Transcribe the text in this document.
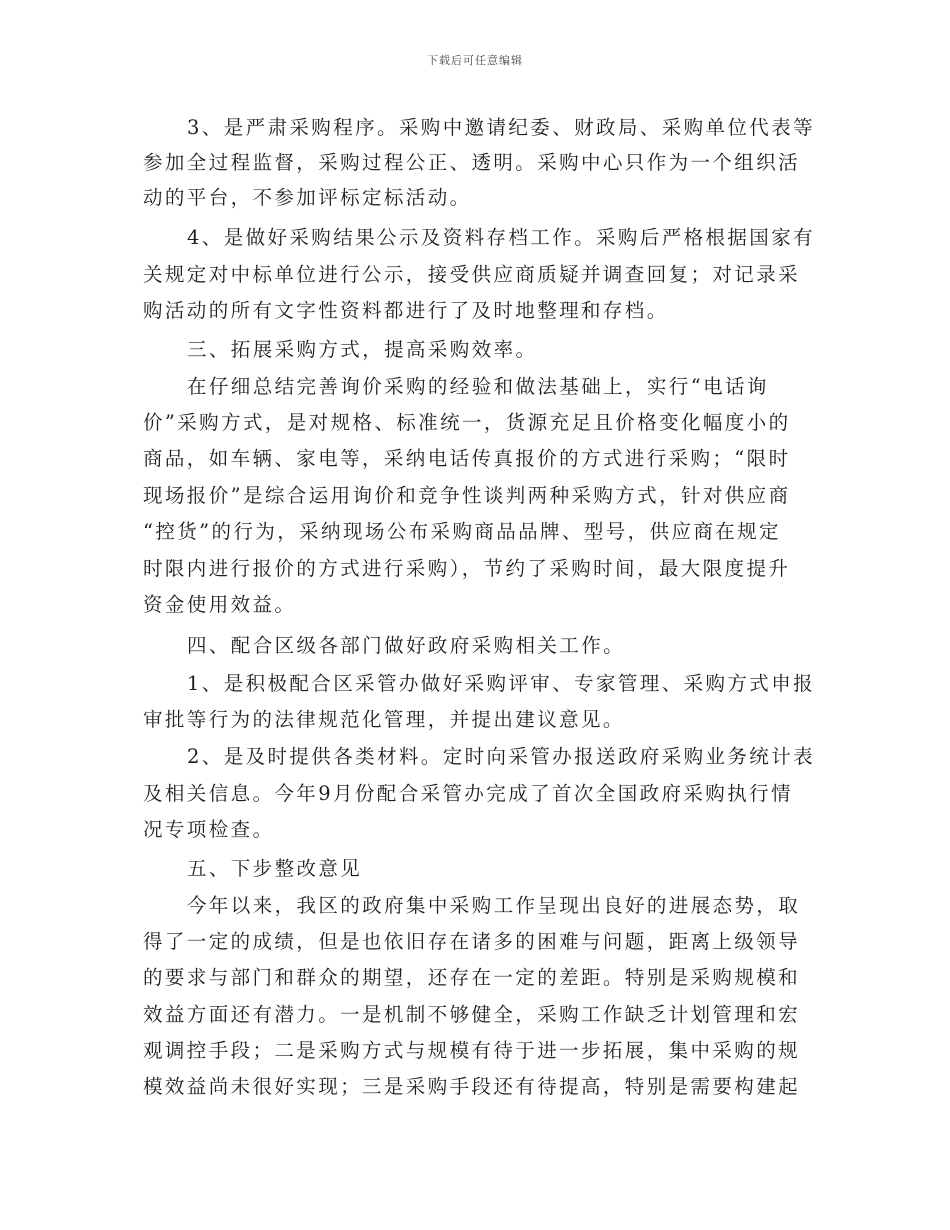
下载后可任意编辑
3、是严肃采购程序。采购中邀请纪委、财政局、采购单位代表等
参加全过程监督，采购过程公正、透明。采购中心只作为一个组织活
动的平台，不参加评标定标活动。
4、是做好采购结果公示及资料存档工作。采购后严格根据国家有
关规定对中标单位进行公示，接受供应商质疑并调查回复；对记录采
购活动的所有文字性资料都进行了及时地整理和存档。
三、拓展采购方式，提高采购效率。
在仔细总结完善询价采购的经验和做法基础上，实行“电话询
价”采购方式，是对规格、标准统一，货源充足且价格变化幅度小的
商品，如车辆、家电等，采纳电话传真报价的方式进行采购；“限时
现场报价”是综合运用询价和竞争性谈判两种采购方式，针对供应商
“控货”的行为，采纳现场公布采购商品品牌、型号，供应商在规定
时限内进行报价的方式进行采购），节约了采购时间，最大限度提升
资金使用效益。
四、配合区级各部门做好政府采购相关工作。
1、是积极配合区采管办做好采购评审、专家管理、采购方式申报
审批等行为的法律规范化管理，并提出建议意见。
2、是及时提供各类材料。定时向采管办报送政府采购业务统计表
及相关信息。今年9月份配合采管办完成了首次全国政府采购执行情
况专项检查。
五、下步整改意见
今年以来，我区的政府集中采购工作呈现出良好的进展态势，取
得了一定的成绩，但是也依旧存在诸多的困难与问题，距离上级领导
的要求与部门和群众的期望，还存在一定的差距。特别是采购规模和
效益方面还有潜力。一是机制不够健全，采购工作缺乏计划管理和宏
观调控手段；二是采购方式与规模有待于进一步拓展，集中采购的规
模效益尚未很好实现；三是采购手段还有待提高，特别是需要构建起
